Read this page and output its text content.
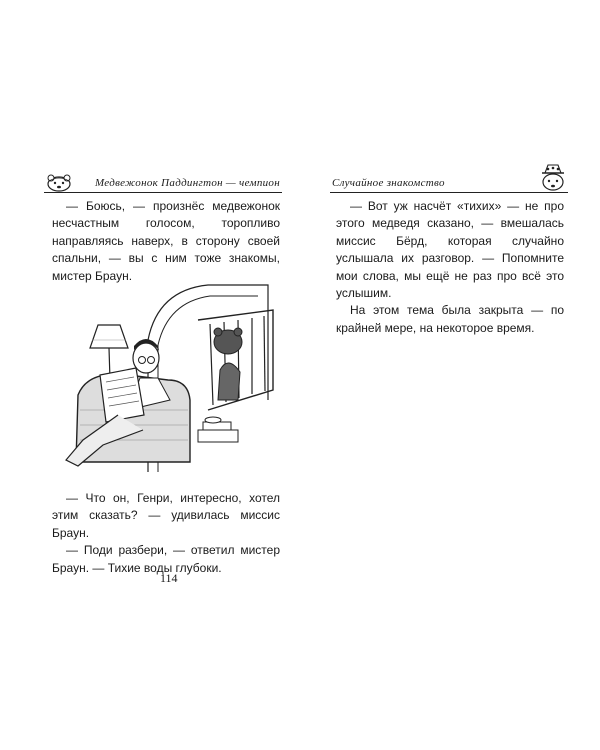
Медвежонок Паддингтон — чемпион

— Боюсь, — произнёс медвежонок несчастным голосом, торопливо направляясь наверх, в сторону своей спальни, — вы с ним тоже знакомы, мистер Браун.

— Что он, Генри, интересно, хотел этим сказать? — удивилась миссис Браун.

— Поди разбери, — ответил мистер Браун. — Тихие воды глубоки.

114
Случайное знакомство

— Вот уж насчёт «тихих» — не про этого медведя сказано, — вмешалась миссис Бёрд, которая случайно услышала их разговор. — Попомните мои слова, мы ещё не раз про всё это услышим.

На этом тема была закрыта — по крайней мере, на некоторое время.
